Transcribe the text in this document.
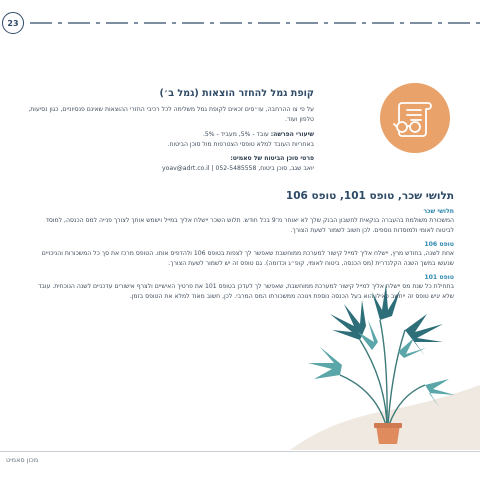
23
קופת גמל להחזר הוצאות (גמל ב׳)

על פי צו ההרחבה, עו״סים זכאים לקופת גמל משלימה לכל רכיבי החזרי ההוצאות שאינם פנסיוניים, כגון נסיעות, טלפון ועוד.

שיעורי הפרשה: עובד - 5%, מעביד - 5%.
באחריות העובד למלא טופסי הצטרפות מול סוכן הביטוח.

פרטי סוכן הביטוח של סאמיט:
יואב שגב, סוכן ביטוח, 052-5485558 | yoav@adrt.co.il

תלושי שכר, טופס 101, טופס 106
תלושי שכר

המשכורת משולמת בהעברה בנקאית לחשבון הבנק שלך לא יאוחר מ־9 בכל חודש. תלוש השכר יישלח אליך במייל וישמש אותך לצורך פנייה למס הכנסה, למוסד לביטוח לאומי ולמוסדות נוספים. לכן חשוב לשמור לשעת הצורך.

טופס 106

אחת לשנה, בחודש מרץ, יישלח אליך למייל קישור למערכת ממוחשבת שאפשר לך לצפות בטופס 106 ולהדפיס אותו. הטופס מרכז את סך כל המשכורות והניכויים שנעשו במשך השנה הקלנדרית (מס הכנסה, ביטוח לאומי, קופ״ג וכדומה). גם טופס זה יש לשמור לשעת הצורך.

טופס 101

בתחילת כל שנת מס יישלח אליך למייל קישור למערכת ממוחשבת, שאפשר לך לעדכן בטופס 101 את פרטיך האישיים ולצרף אישורים עדכניים לשנה הנוכחית. עובד שלא יגיש טופס זה ייחשב כאילו הוא בעל הכנסה נוספת וינוכה ממשכורתו המס המרבי. לכן, חשוב מאוד למלא את הטופס בזמן.

מכון סאמיט
